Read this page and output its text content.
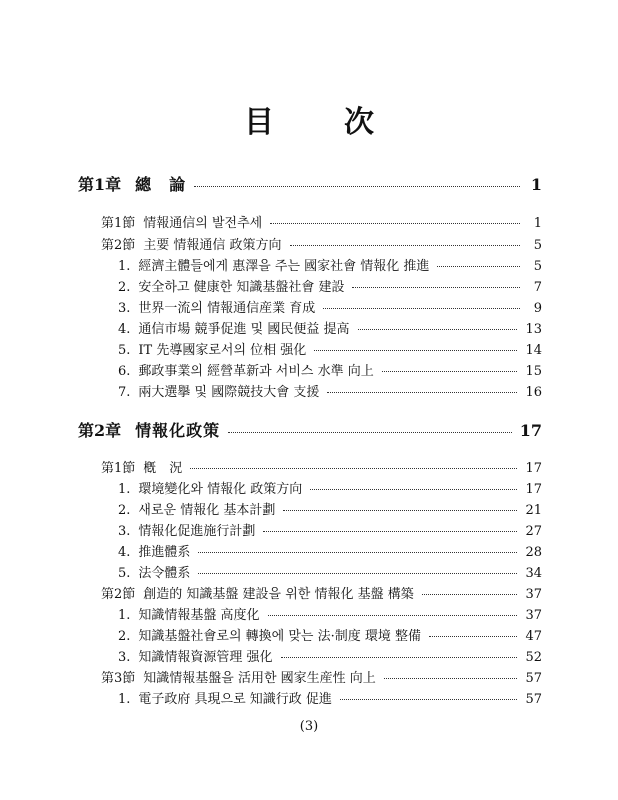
目 次
第1章 總　論	1
第1節 情報通信의 발전추세	1
第2節 主要 情報通信 政策方向	5
1. 經濟主體들에게 惠澤을 주는 國家社會 情報化 推進	5
2. 安全하고 健康한 知識基盤社會 建設	7
3. 世界一流의 情報通信産業 育成	9
4. 通信市場 競爭促進 및 國民便益 提高	13
5. IT 先導國家로서의 位相 强化	14
6. 郵政事業의 經營革新과 서비스 水準 向上	15
7. 兩大選擧 및 國際競技大會 支援	16
第2章 情報化政策	17
第1節 槪　況	17
1. 環境變化와 情報化 政策方向	17
2. 새로운 情報化 基本計劃	21
3. 情報化促進施行計劃	27
4. 推進體系	28
5. 法令體系	34
第2節 創造的 知識基盤 建設을 위한 情報化 基盤 構築	37
1. 知識情報基盤 高度化	37
2. 知識基盤社會로의 轉換에 맞는 法·制度 環境 整備	47
3. 知識情報資源管理 强化	52
第3節 知識情報基盤을 活用한 國家生産性 向上	57
1. 電子政府 具現으로 知識行政 促進	57
(3)
